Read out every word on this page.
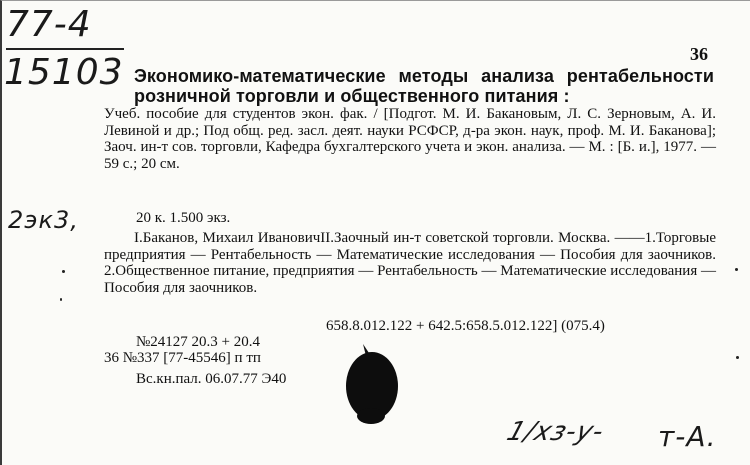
77-4
15103
2эк3,
36
Экономико-математические методы анализа рентабельности розничной торговли и общественного питания :
Учеб. пособие для студентов экон. фак. / [Подгот. М. И. Бакановым, Л. С. Зерновым, А. И. Левиной и др.; Под общ. ред. засл. деят. науки РСФСР, д-ра экон. наук, проф. М. И. Баканова]; Заоч. ин-т сов. торговли, Кафедра бухгалтерского учета и экон. анализа. — М. : [Б. и.], 1977. — 59 с.; 20 см.
20 к. 1.500 экз.
I.Баканов, Михаил ИвановичII.Заочный ин-т советской торговли. Москва. ——1.Торговые предприятия — Рентабельность — Математические исследования — Пособия для заочников. 2.Общественное питание, предприятия — Рентабельность — Математические исследования — Пособия для заочников.
658.8.012.122 + 642.5:658.5.012.122] (075.4)
№24127 20.3 + 20.4
36 №337 [77-45546] п тп
Вс.кн.пал. 06.07.77 Э40
1/хз-у- т-А.
